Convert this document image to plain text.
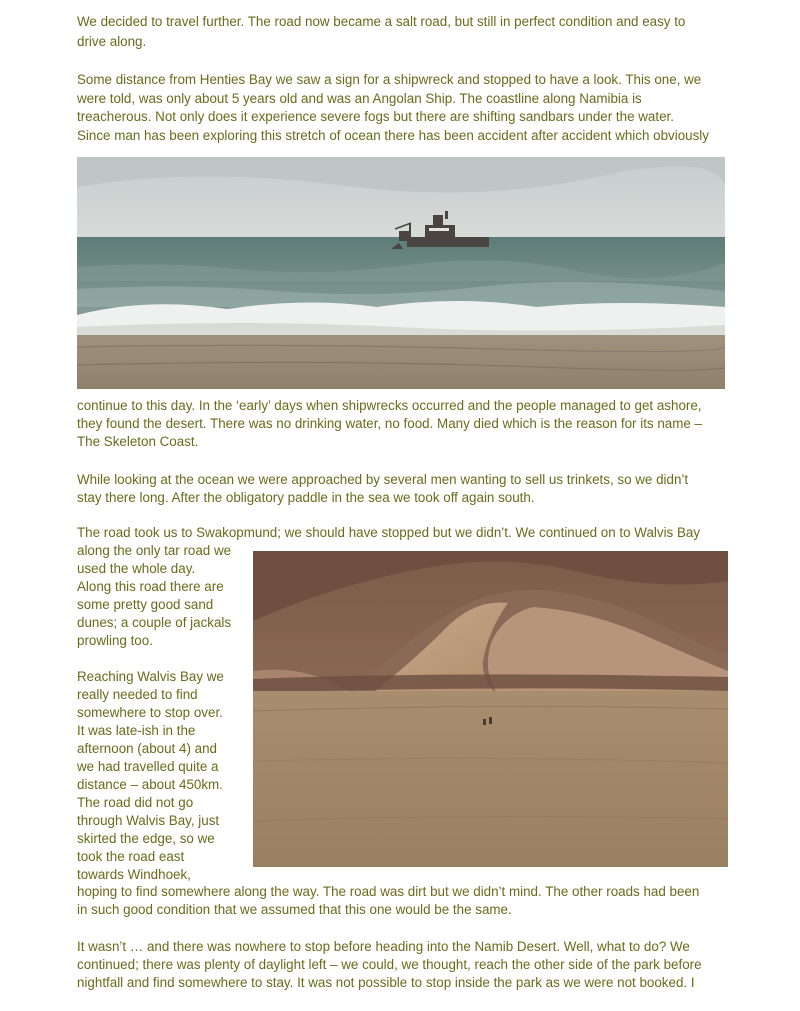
We decided to travel further. The road now became a salt road, but still in perfect condition and easy to
drive along.
Some distance from Henties Bay we saw a sign for a shipwreck and stopped to have a look. This one, we
were told, was only about 5 years old and was an Angolan Ship. The coastline along Namibia is
treacherous. Not only does it experience severe fogs but there are shifting sandbars under the water.
Since man has been exploring this stretch of ocean there has been accident after accident which obviously
continue to this day. In the ‘early’ days when shipwrecks occurred and the people managed to get ashore,
they found the desert. There was no drinking water, no food. Many died which is the reason for its name –
The Skeleton Coast.
While looking at the ocean we were approached by several men wanting to sell us trinkets, so we didn’t
stay there long. After the obligatory paddle in the sea we took off again south.
The road took us to Swakopmund; we should have stopped but we didn’t. We continued on to Walvis Bay
along the only tar road we
used the whole day.
Along this road there are
some pretty good sand
dunes; a couple of jackals
prowling too.
Reaching Walvis Bay we
really needed to find
somewhere to stop over.
It was late-ish in the
afternoon (about 4) and
we had travelled quite a
distance – about 450km.
The road did not go
through Walvis Bay, just
skirted the edge, so we
took the road east
towards Windhoek,
hoping to find somewhere along the way. The road was dirt but we didn’t mind. The other roads had been
in such good condition that we assumed that this one would be the same.
It wasn’t … and there was nowhere to stop before heading into the Namib Desert. Well, what to do? We
continued; there was plenty of daylight left – we could, we thought, reach the other side of the park before
nightfall and find somewhere to stay. It was not possible to stop inside the park as we were not booked. I
